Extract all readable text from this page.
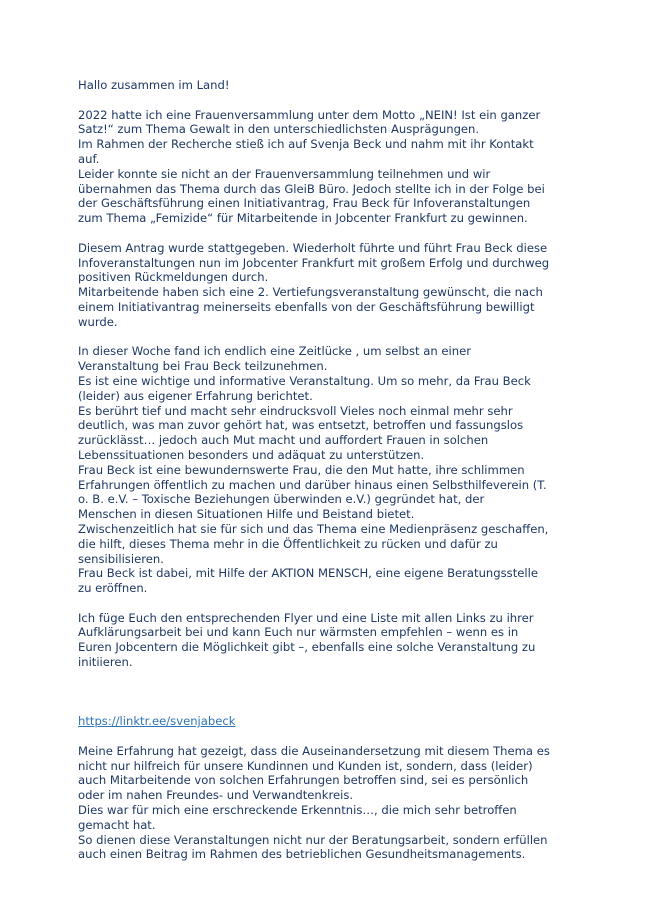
Hallo zusammen im Land!
2022 hatte ich eine Frauenversammlung unter dem Motto „NEIN! Ist ein ganzer
Satz!“ zum Thema Gewalt in den unterschiedlichsten Ausprägungen.
Im Rahmen der Recherche stieß ich auf Svenja Beck und nahm mit ihr Kontakt
auf.
Leider konnte sie nicht an der Frauenversammlung teilnehmen und wir
übernahmen das Thema durch das GleiB Büro. Jedoch stellte ich in der Folge bei
der Geschäftsführung einen Initiativantrag, Frau Beck für Infoveranstaltungen
zum Thema „Femizide“ für Mitarbeitende in Jobcenter Frankfurt zu gewinnen.
Diesem Antrag wurde stattgegeben. Wiederholt führte und führt Frau Beck diese
Infoveranstaltungen nun im Jobcenter Frankfurt mit großem Erfolg und durchweg
positiven Rückmeldungen durch.
Mitarbeitende haben sich eine 2. Vertiefungsveranstaltung gewünscht, die nach
einem Initiativantrag meinerseits ebenfalls von der Geschäftsführung bewilligt
wurde.
In dieser Woche fand ich endlich eine Zeitlücke , um selbst an einer
Veranstaltung bei Frau Beck teilzunehmen.
Es ist eine wichtige und informative Veranstaltung. Um so mehr, da Frau Beck
(leider) aus eigener Erfahrung berichtet.
Es berührt tief und macht sehr eindrucksvoll Vieles noch einmal mehr sehr
deutlich, was man zuvor gehört hat, was entsetzt, betroffen und fassungslos
zurücklässt… jedoch auch Mut macht und auffordert Frauen in solchen
Lebenssituationen besonders und adäquat zu unterstützen.
Frau Beck ist eine bewundernswerte Frau, die den Mut hatte, ihre schlimmen
Erfahrungen öffentlich zu machen und darüber hinaus einen Selbsthilfeverein (T.
o. B. e.V. – Toxische Beziehungen überwinden e.V.) gegründet hat, der
Menschen in diesen Situationen Hilfe und Beistand bietet.
Zwischenzeitlich hat sie für sich und das Thema eine Medienpräsenz geschaffen,
die hilft, dieses Thema mehr in die Öffentlichkeit zu rücken und dafür zu
sensibilisieren.
Frau Beck ist dabei, mit Hilfe der AKTION MENSCH, eine eigene Beratungsstelle
zu eröffnen.
Ich füge Euch den entsprechenden Flyer und eine Liste mit allen Links zu ihrer
Aufklärungsarbeit bei und kann Euch nur wärmsten empfehlen – wenn es in
Euren Jobcentern die Möglichkeit gibt –, ebenfalls eine solche Veranstaltung zu
initiieren.
https://linktr.ee/svenjabeck
Meine Erfahrung hat gezeigt, dass die Auseinandersetzung mit diesem Thema es
nicht nur hilfreich für unsere Kundinnen und Kunden ist, sondern, dass (leider)
auch Mitarbeitende von solchen Erfahrungen betroffen sind, sei es persönlich
oder im nahen Freundes- und Verwandtenkreis.
Dies war für mich eine erschreckende Erkenntnis…, die mich sehr betroffen
gemacht hat.
So dienen diese Veranstaltungen nicht nur der Beratungsarbeit, sondern erfüllen
auch einen Beitrag im Rahmen des betrieblichen Gesundheitsmanagements.
